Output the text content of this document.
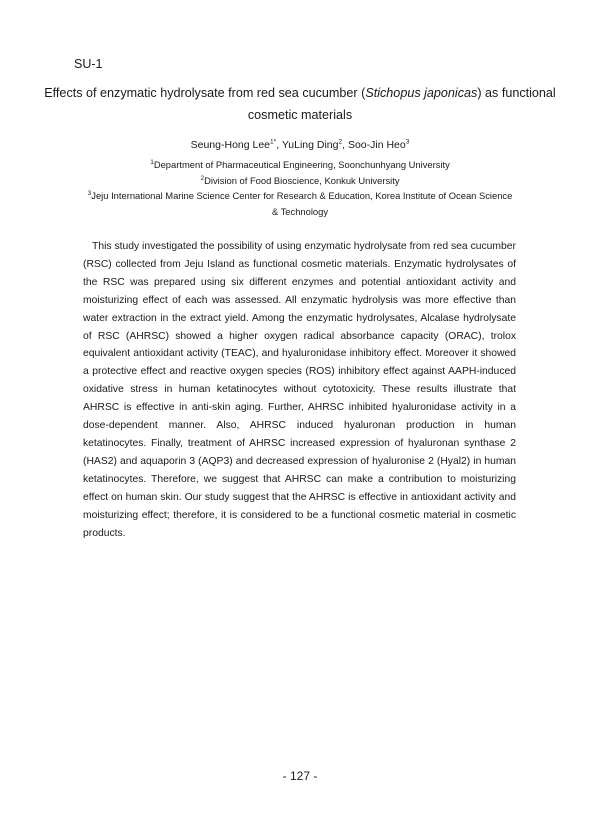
SU-1
Effects of enzymatic hydrolysate from red sea cucumber (Stichopus japonicas) as functional cosmetic materials
Seung-Hong Lee$^{1*}$, YuLing Ding$^2$, Soo-Jin Heo$^3$

$^1$Department of Pharmaceutical Engineering, Soonchunhyang University

$^2$Division of Food Bioscience, Konkuk University

$^3$Jeju International Marine Science Center for Research & Education, Korea Institute of Ocean Science & Technology

This study investigated the possibility of using enzymatic hydrolysate from red sea cucumber (RSC) collected from Jeju Island as functional cosmetic materials. Enzymatic hydrolysates of the RSC was prepared using six different enzymes and potential antioxidant activity and moisturizing effect of each was assessed. All enzymatic hydrolysis was more effective than water extraction in the extract yield. Among the enzymatic hydrolysates, Alcalase hydrolysate of RSC (AHRSC) showed a higher oxygen radical absorbance capacity (ORAC), trolox equivalent antioxidant activity (TEAC), and hyaluronidase inhibitory effect. Moreover it showed a protective effect and reactive oxygen species (ROS) inhibitory effect against AAPH-induced oxidative stress in human ketatinocytes without cytotoxicity. These results illustrate that AHRSC is effective in anti-skin aging. Further, AHRSC inhibited hyaluronidase activity in a dose-dependent manner. Also, AHRSC induced hyaluronan production in human ketatinocytes. Finally, treatment of AHRSC increased expression of hyaluronan synthase 2 (HAS2) and aquaporin 3 (AQP3) and decreased expression of hyaluronise 2 (Hyal2) in human ketatinocytes. Therefore, we suggest that AHRSC can make a contribution to moisturizing effect on human skin. Our study suggest that the AHRSC is effective in antioxidant activity and moisturizing effect; therefore, it is considered to be a functional cosmetic material in cosmetic products.

- 127 -
